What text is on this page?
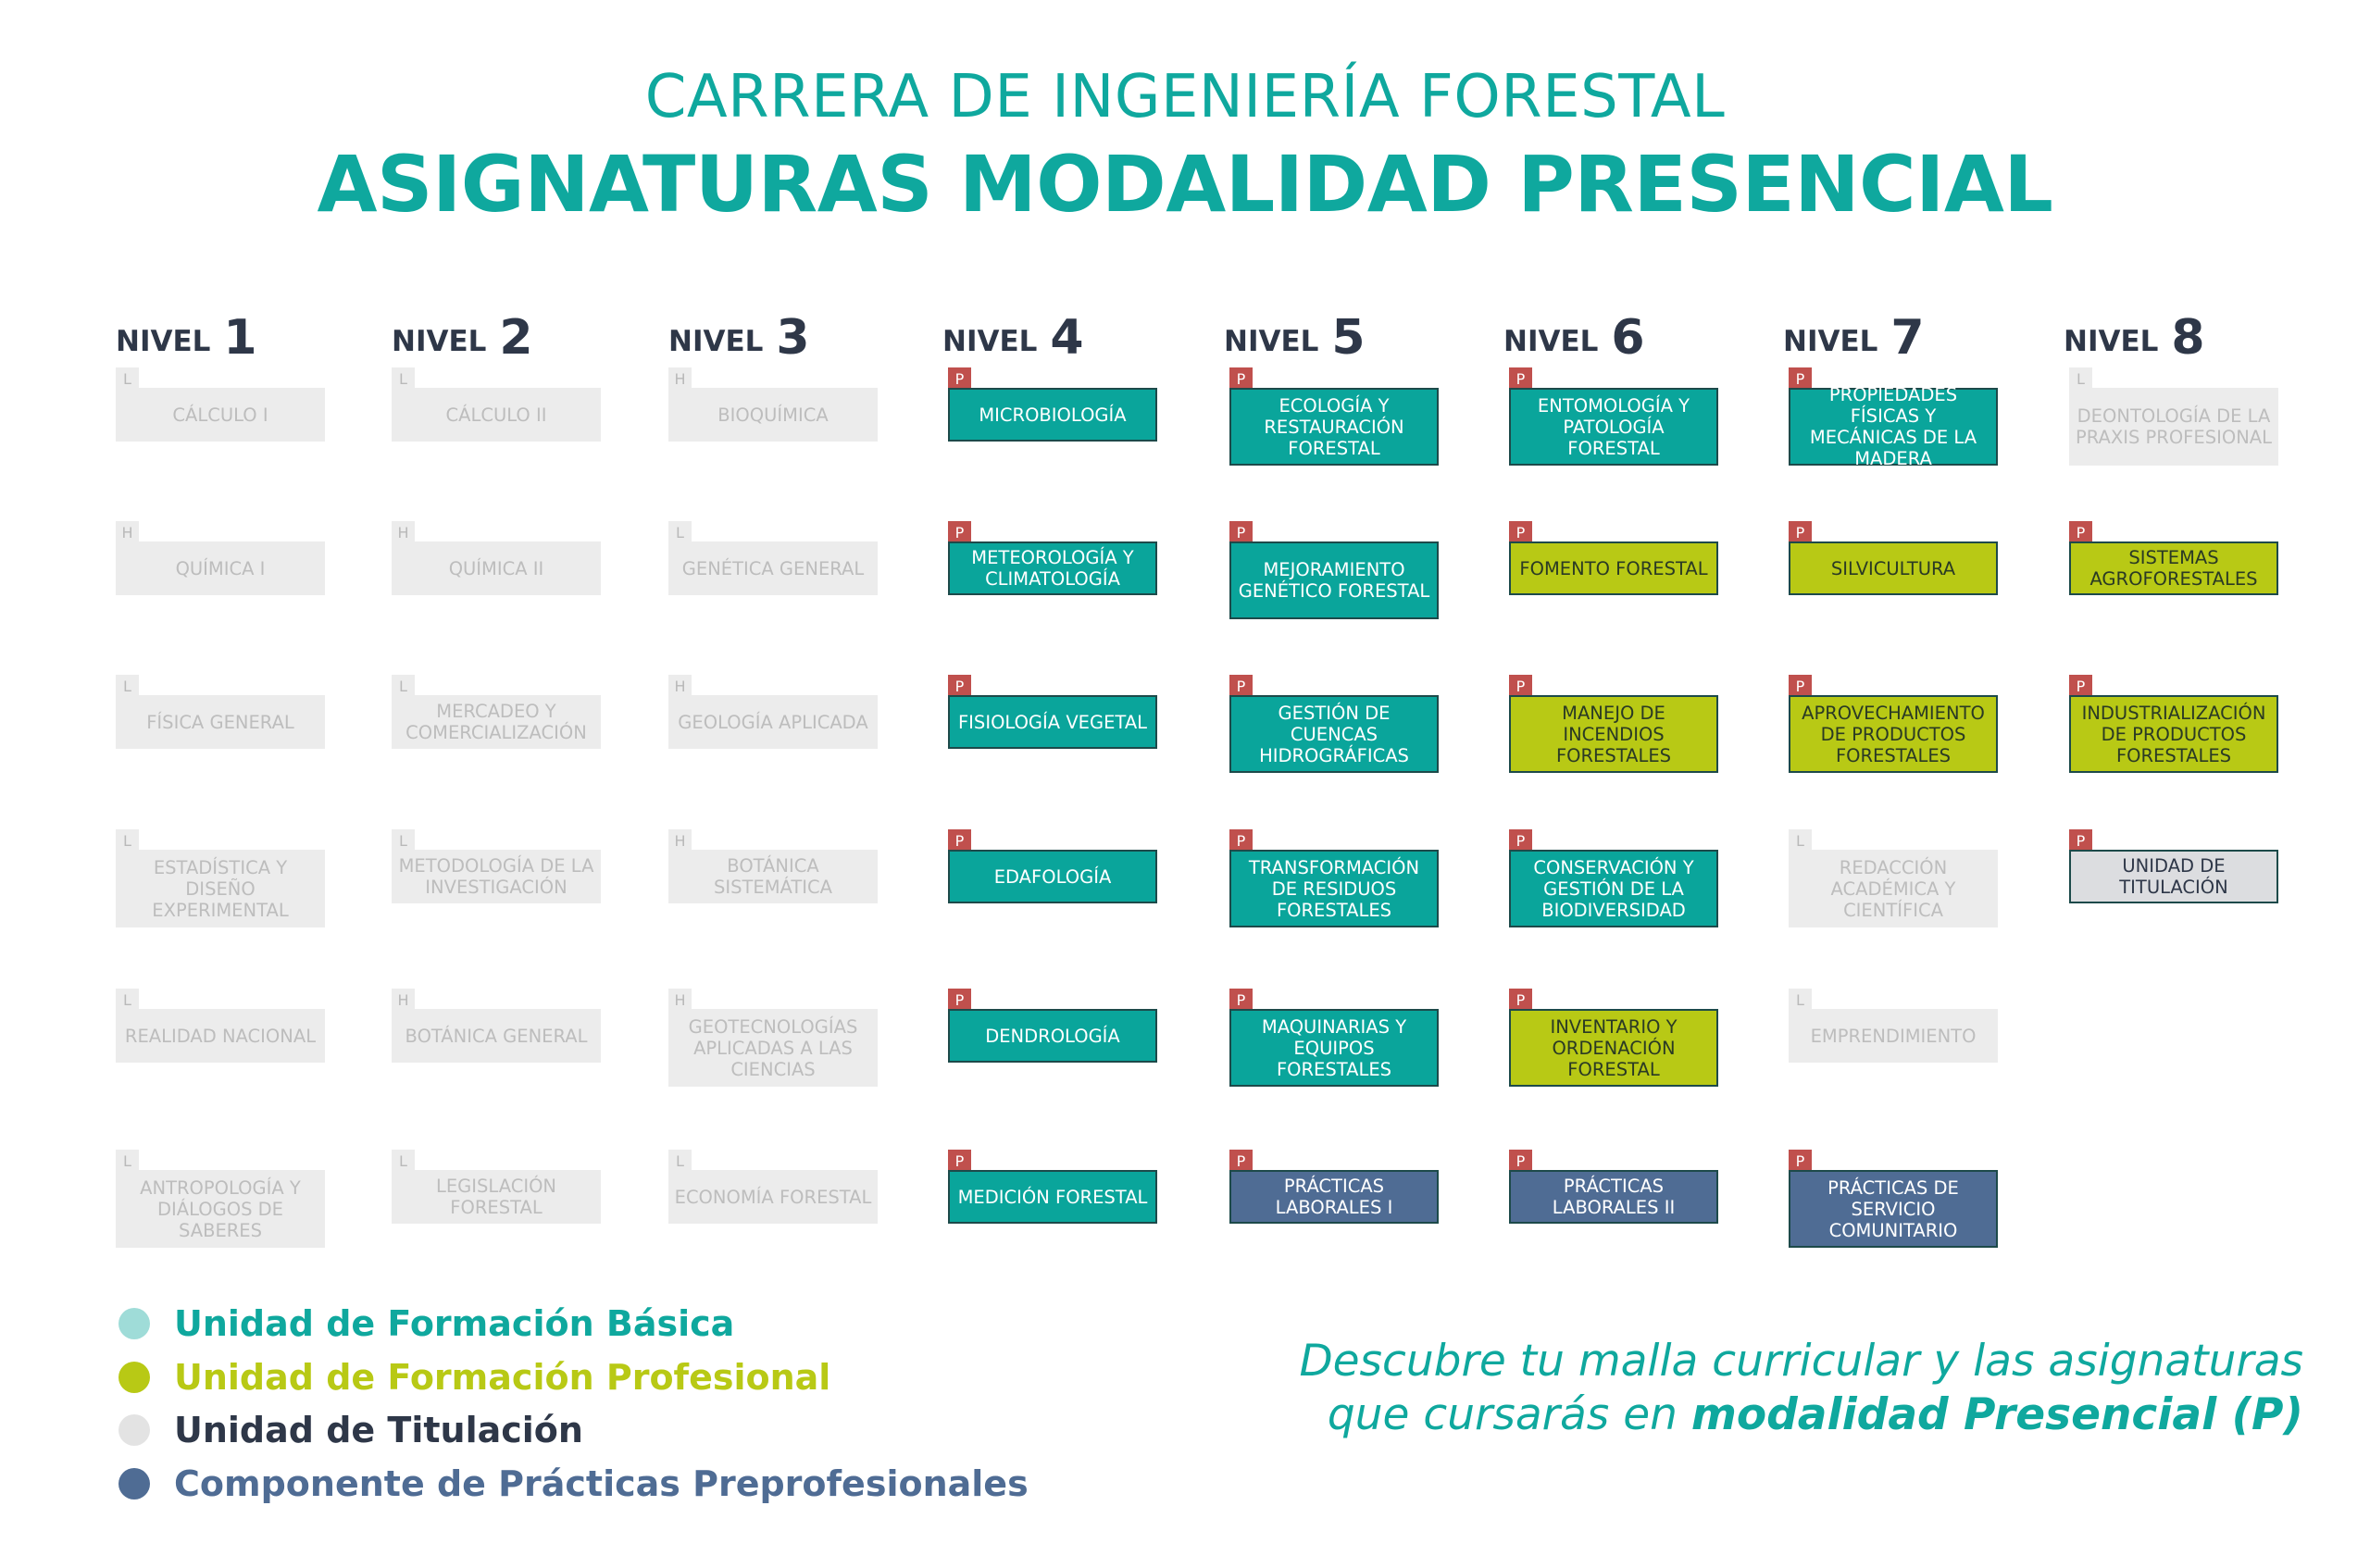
CARRERA DE INGENIERÍA FORESTAL
ASIGNATURAS MODALIDAD PRESENCIAL
NIVEL 1
L
CÁLCULO I
H
QUÍMICA I
L
FÍSICA GENERAL
L
ESTADÍSTICA Y DISEÑO EXPERIMENTAL
L
REALIDAD NACIONAL
L
ANTROPOLOGÍA Y DIÁLOGOS DE SABERES
NIVEL 2
L
CÁLCULO II
H
QUÍMICA II
L
MERCADEO Y COMERCIALIZACIÓN
L
METODOLOGÍA DE LA INVESTIGACIÓN
H
BOTÁNICA GENERAL
L
LEGISLACIÓN FORESTAL
NIVEL 3
H
BIOQUÍMICA
L
GENÉTICA GENERAL
H
GEOLOGÍA APLICADA
H
BOTÁNICA SISTEMÁTICA
H
GEOTECNOLOGÍAS APLICADAS A LAS CIENCIAS
L
ECONOMÍA FORESTAL
NIVEL 4
P
MICROBIOLOGÍA
P
METEOROLOGÍA Y CLIMATOLOGÍA
P
FISIOLOGÍA VEGETAL
P
EDAFOLOGÍA
P
DENDROLOGÍA
P
MEDICIÓN FORESTAL
NIVEL 5
P
ECOLOGÍA Y RESTAURACIÓN FORESTAL
P
MEJORAMIENTO GENÉTICO FORESTAL
P
GESTIÓN DE CUENCAS HIDROGRÁFICAS
P
TRANSFORMACIÓN DE RESIDUOS FORESTALES
P
MAQUINARIAS Y EQUIPOS FORESTALES
P
PRÁCTICAS LABORALES I
NIVEL 6
P
ENTOMOLOGÍA Y PATOLOGÍA FORESTAL
P
FOMENTO FORESTAL
P
MANEJO DE INCENDIOS FORESTALES
P
CONSERVACIÓN Y GESTIÓN DE LA BIODIVERSIDAD
P
INVENTARIO Y ORDENACIÓN FORESTAL
P
PRÁCTICAS LABORALES II
NIVEL 7
P
PROPIEDADES FÍSICAS Y MECÁNICAS DE LA MADERA
P
SILVICULTURA
P
APROVECHAMIENTO DE PRODUCTOS FORESTALES
L
REDACCIÓN ACADÉMICA Y CIENTÍFICA
L
EMPRENDIMIENTO
P
PRÁCTICAS DE SERVICIO COMUNITARIO
NIVEL 8
L
DEONTOLOGÍA DE LA PRAXIS PROFESIONAL
P
SISTEMAS AGROFORESTALES
P
INDUSTRIALIZACIÓN DE PRODUCTOS FORESTALES
P
UNIDAD DE TITULACIÓN
Unidad de Formación Básica
Unidad de Formación Profesional
Unidad de Titulación
Componente de Prácticas Preprofesionales
Descubre tu malla curricular y las asignaturas
que cursarás en modalidad Presencial (P)
